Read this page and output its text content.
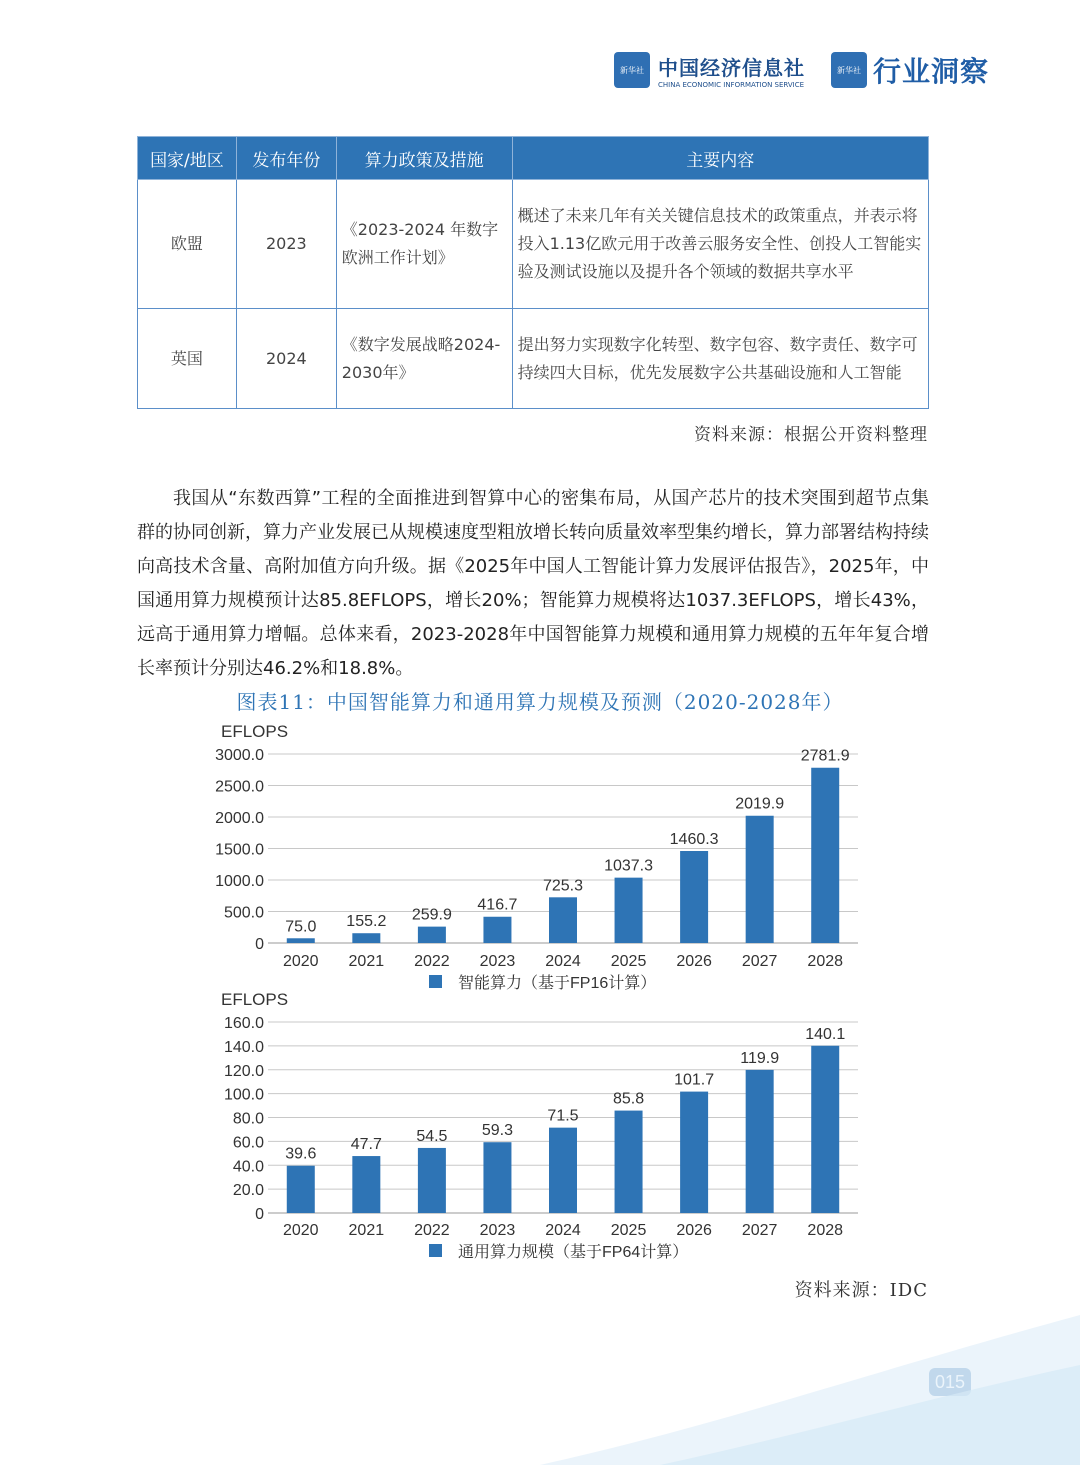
新华社 中国经济信息社
CHINA ECONOMIC INFORMATION SERVICE
新华社 行业洞察
国家/地区	发布年份	算力政策及措施	主要内容
欧盟	2023	《2023-2024 年数字欧洲工作计划》	概述了未来几年有关关键信息技术的政策重点，并表示将投入1.13亿欧元用于改善云服务安全性、创投人工智能实验及测试设施以及提升各个领域的数据共享水平
英国	2024	《数字发展战略2024-2030年》	提出努力实现数字化转型、数字包容、数字责任、数字可持续四大目标，优先发展数字公共基础设施和人工智能
资料来源：根据公开资料整理

我国从“东数西算”工程的全面推进到智算中心的密集布局，从国产芯片的技术突围到超节点集群的协同创新，算力产业发展已从规模速度型粗放增长转向质量效率型集约增长，算力部署结构持续向高技术含量、高附加值方向升级。据《2025年中国人工智能计算力发展评估报告》，2025年，中国通用算力规模预计达85.8EFLOPS，增长20%；智能算力规模将达1037.3EFLOPS，增长43%，远高于通用算力增幅。总体来看，2023-2028年中国智能算力规模和通用算力规模的五年年复合增长率预计分别达46.2%和18.8%。

图表11：中国智能算力和通用算力规模及预测（2020-2028年）
EFLOPS
0
500.0
1000.0
1500.0
2000.0
2500.0
3000.0
75.0
2020
155.2
2021
259.9
2022
416.7
2023
725.3
2024
1037.3
2025
1460.3
2026
2019.9
2027
2781.9
2028
智能算力（基于FP16计算）
EFLOPS
0
20.0
40.0
60.0
80.0
100.0
120.0
140.0
160.0
39.6
2020
47.7
2021
54.5
2022
59.3
2023
71.5
2024
85.8
2025
101.7
2026
119.9
2027
140.1
2028
通用算力规模（基于FP64计算）
资料来源：IDC
